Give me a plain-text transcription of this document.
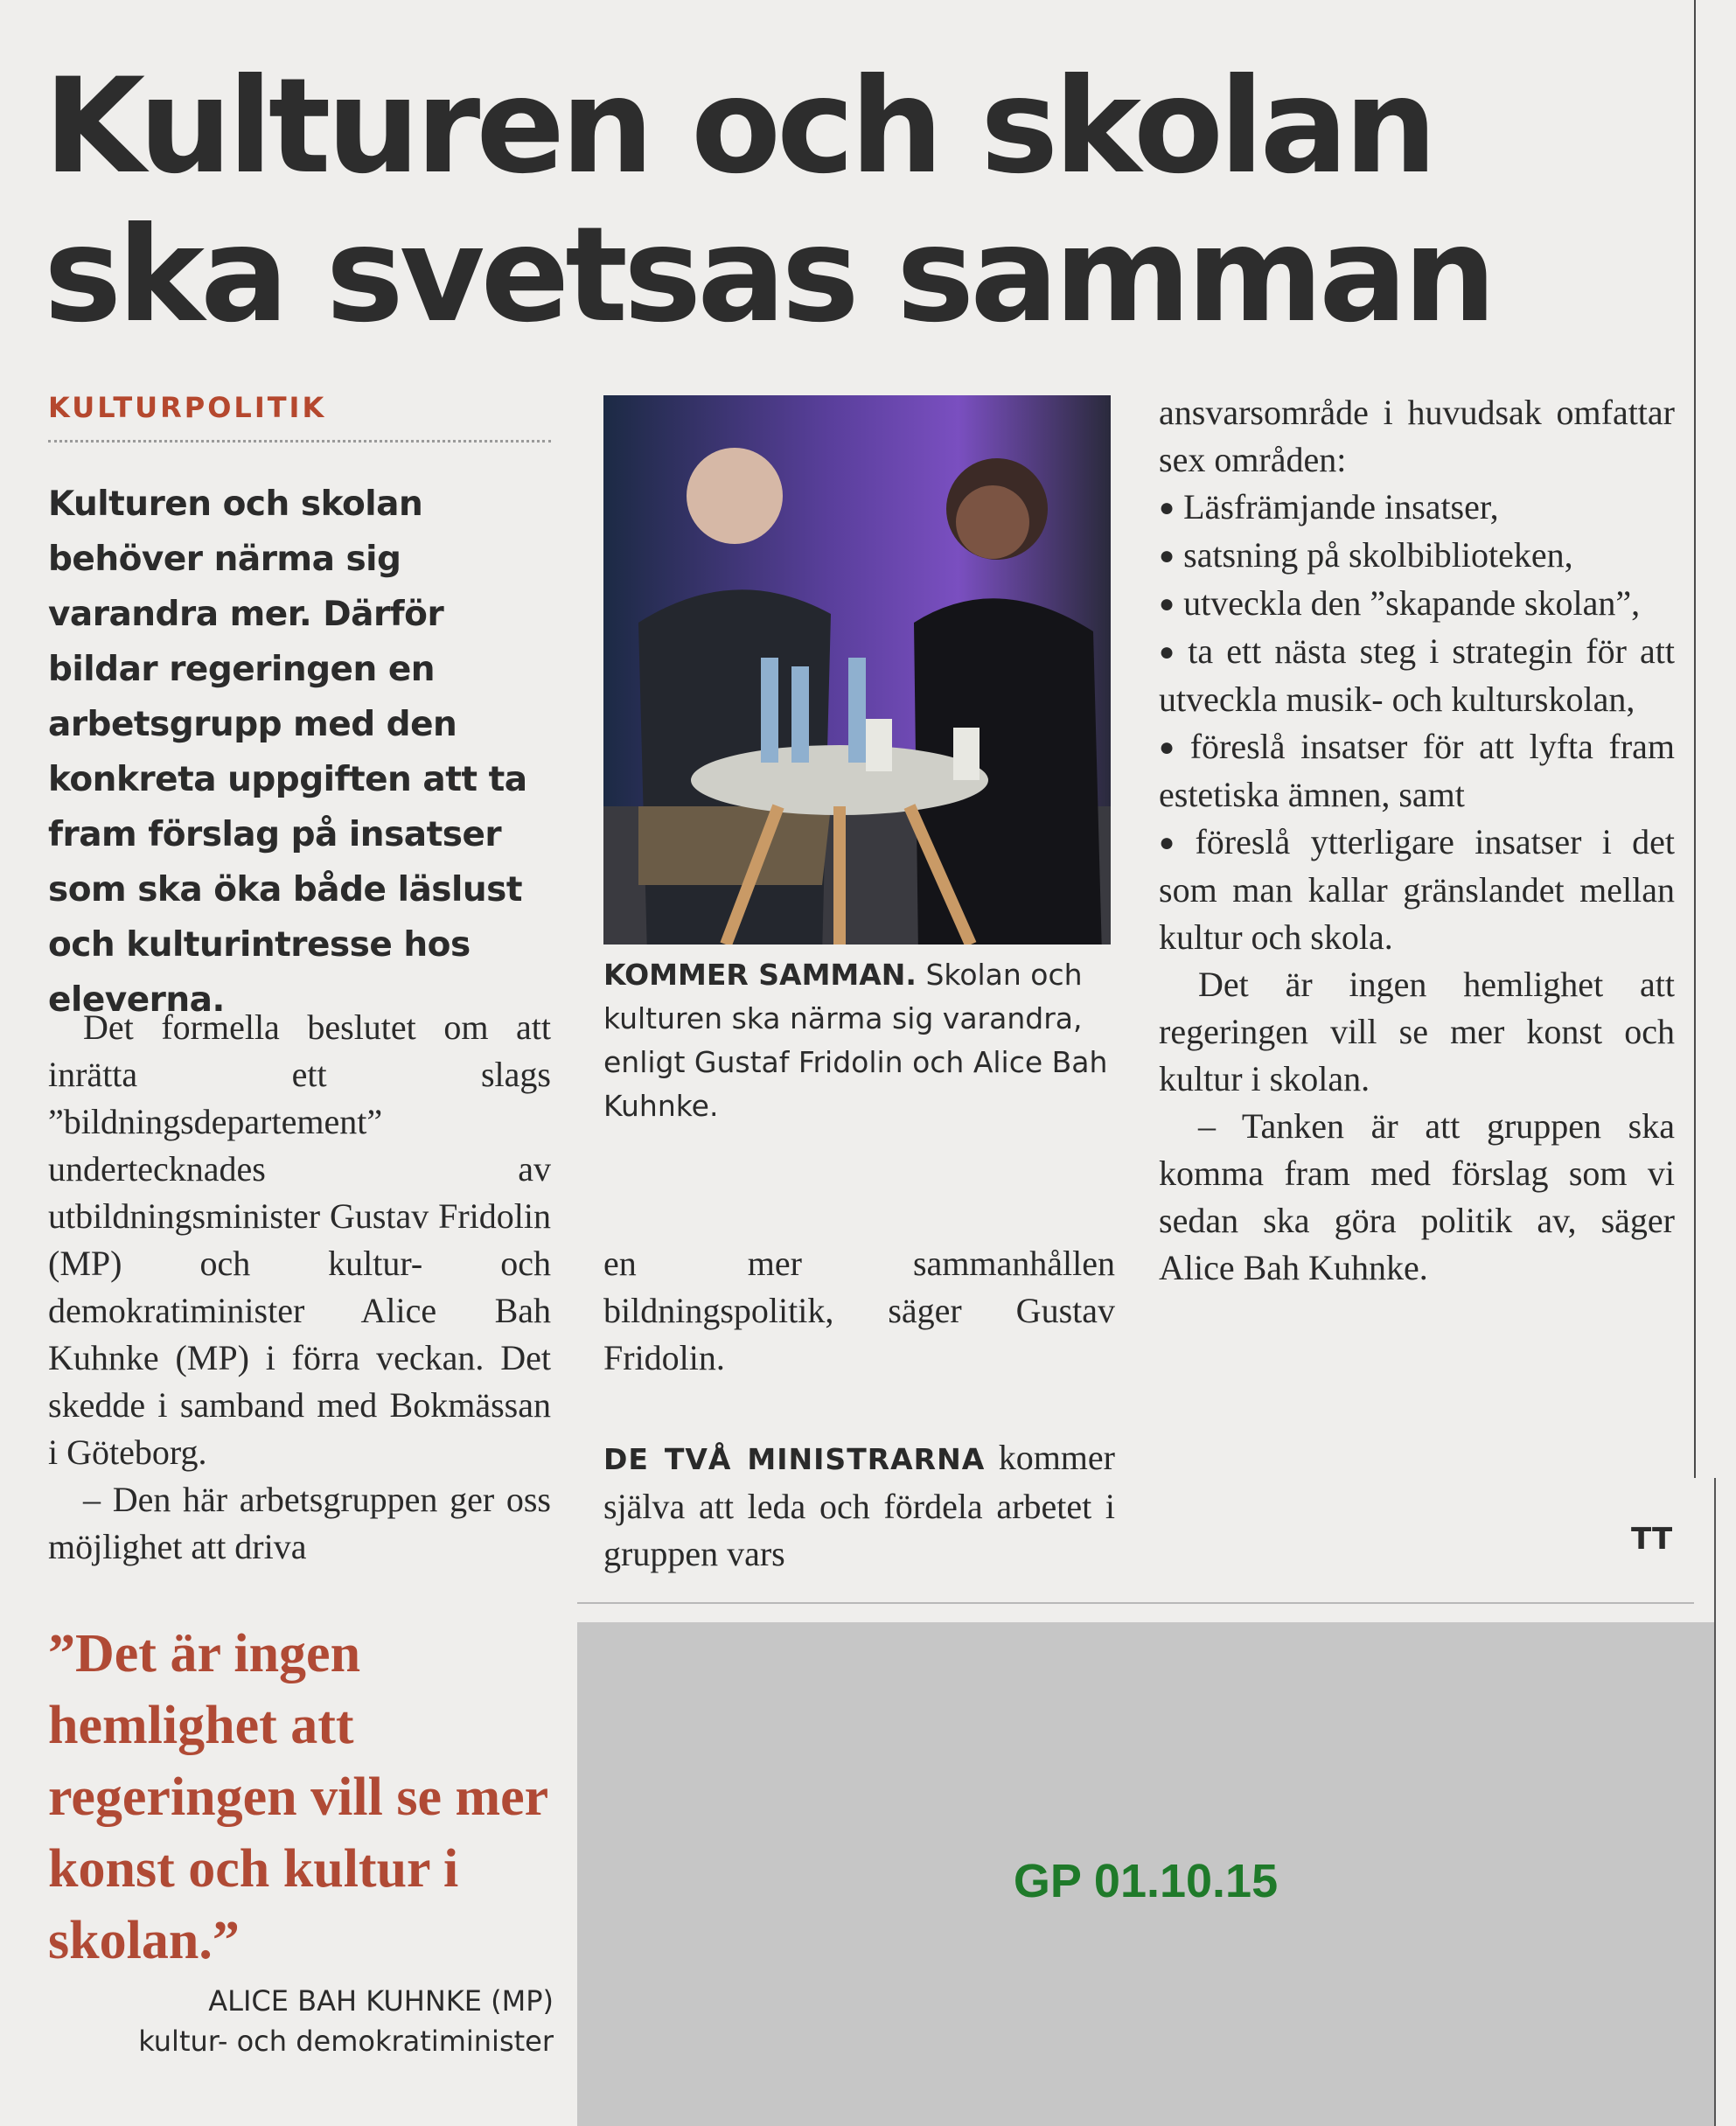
Kulturen och skolan
ska svetsas samman
KULTURPOLITIK

Kulturen och skolan behöver närma sig varandra mer. Därför bildar regeringen en arbetsgrupp med den konkreta uppgiften att ta fram förslag på insatser som ska öka både läslust och kulturintresse hos eleverna.

Det formella beslutet om att inrätta ett slags ”bildningsdepartement” undertecknades av utbildningsminister Gustav Fridolin (MP) och kultur- och demokratiminister Alice Bah Kuhnke (MP) i förra veckan. Det skedde i samband med Bokmässan i Göteborg.

– Den här arbetsgruppen ger oss möjlighet att driva

KOMMER SAMMAN. Skolan och kulturen ska närma sig varandra, enligt Gustaf Fridolin och Alice Bah Kuhnke.

en mer sammanhållen bildningspolitik, säger Gustav Fridolin.

DE TVÅ MINISTRARNA kommer själva att leda och fördela arbetet i gruppen vars

ansvarsområde i huvudsak omfattar sex områden:

● Läsfrämjande insatser,
● satsning på skolbiblioteken,
● utveckla den ”skapande skolan”,
● ta ett nästa steg i strategin för att utveckla musik- och kulturskolan,
● föreslå insatser för att lyfta fram estetiska ämnen, samt
● föreslå ytterligare insatser i det som man kallar gränslandet mellan kultur och skola.

Det är ingen hemlighet att regeringen vill se mer konst och kultur i skolan.

– Tanken är att gruppen ska komma fram med förslag som vi sedan ska göra politik av, säger Alice Bah Kuhnke.

TT

”Det är ingen hemlighet att regeringen vill se mer konst och kultur i skolan.”

ALICE BAH KUHNKE (MP)
kultur- och demokratiminister
GP 01.10.15
